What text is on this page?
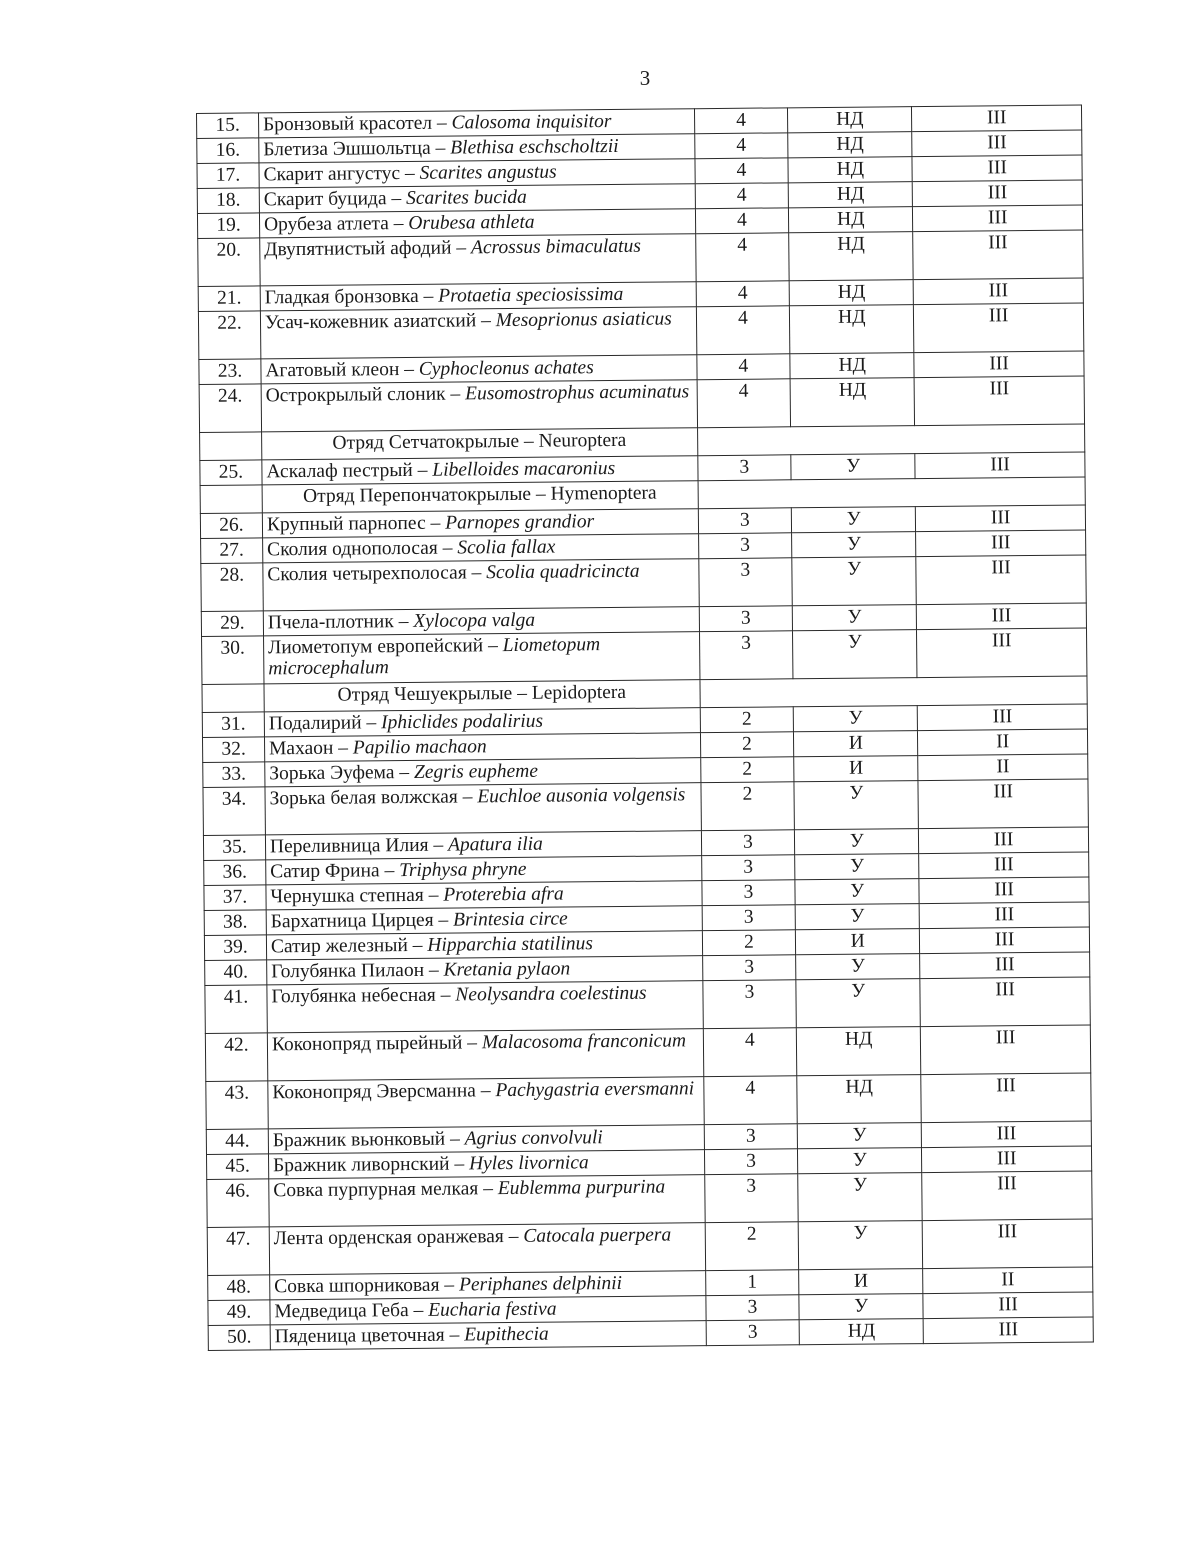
3
15.	Бронзовый красотел – Calosoma inquisitor	4	НД	III
16.	Блетиза Эшшольтца – Blethisa eschscholtzii	4	НД	III
17.	Скарит ангустус – Scarites angustus	4	НД	III
18.	Скарит буцида – Scarites bucida	4	НД	III
19.	Орубеза атлета – Orubesa athleta	4	НД	III
20.	Двупятнистый афодий – Acrossus bimaculatus	4	НД	III
21.	Гладкая бронзовка – Protaetia speciosissima	4	НД	III
22.	Усач-кожевник азиатский – Mesoprionus asiaticus	4	НД	III
23.	Агатовый клеон – Cyphocleonus achates	4	НД	III
24.	Острокрылый слоник – Eusomostrophus acuminatus	4	НД	III
	Отряд Сетчатокрылые – Neuroptera			
25.	Аскалаф пестрый – Libelloides macaronius	3	У	III
	Отряд Перепончатокрылые – Hymenoptera			
26.	Крупный парнопес – Parnopes grandior	3	У	III
27.	Сколия однополосая – Scolia fallax	3	У	III
28.	Сколия четырехполосая – Scolia quadricincta	3	У	III
29.	Пчела-плотник – Xylocopa valga	3	У	III
30.	Лиометопум европейский – Liometopum microcephalum	3	У	III
	Отряд Чешуекрылые – Lepidoptera			
31.	Подалирий – Iphiclides podalirius	2	У	III
32.	Махаон – Papilio machaon	2	И	II
33.	Зорька Эуфема – Zegris eupheme	2	И	II
34.	Зорька белая волжская – Euchloe ausonia volgensis	2	У	III
35.	Переливница Илия – Apatura ilia	3	У	III
36.	Сатир Фрина – Triphysa phryne	3	У	III
37.	Чернушка степная – Proterebia afra	3	У	III
38.	Бархатница Цирцея – Brintesia circe	3	У	III
39.	Сатир железный – Hipparchia statilinus	2	И	III
40.	Голубянка Пилаон – Kretania pylaon	3	У	III
41.	Голубянка небесная – Neolysandra coelestinus	3	У	III
42.	Коконопряд пырейный – Malacosoma franconicum	4	НД	III
43.	Коконопряд Эверсманна – Pachygastria eversmanni	4	НД	III
44.	Бражник вьюнковый – Agrius convolvuli	3	У	III
45.	Бражник ливорнский – Hyles livornica	3	У	III
46.	Совка пурпурная мелкая – Eublemma purpurina	3	У	III
47.	Лента орденская оранжевая – Catocala puerpera	2	У	III
48.	Совка шпорниковая – Periphanes delphinii	1	И	II
49.	Медведица Геба – Eucharia festiva	3	У	III
50.	Пяденица цветочная – Eupithecia	3	НД	III
